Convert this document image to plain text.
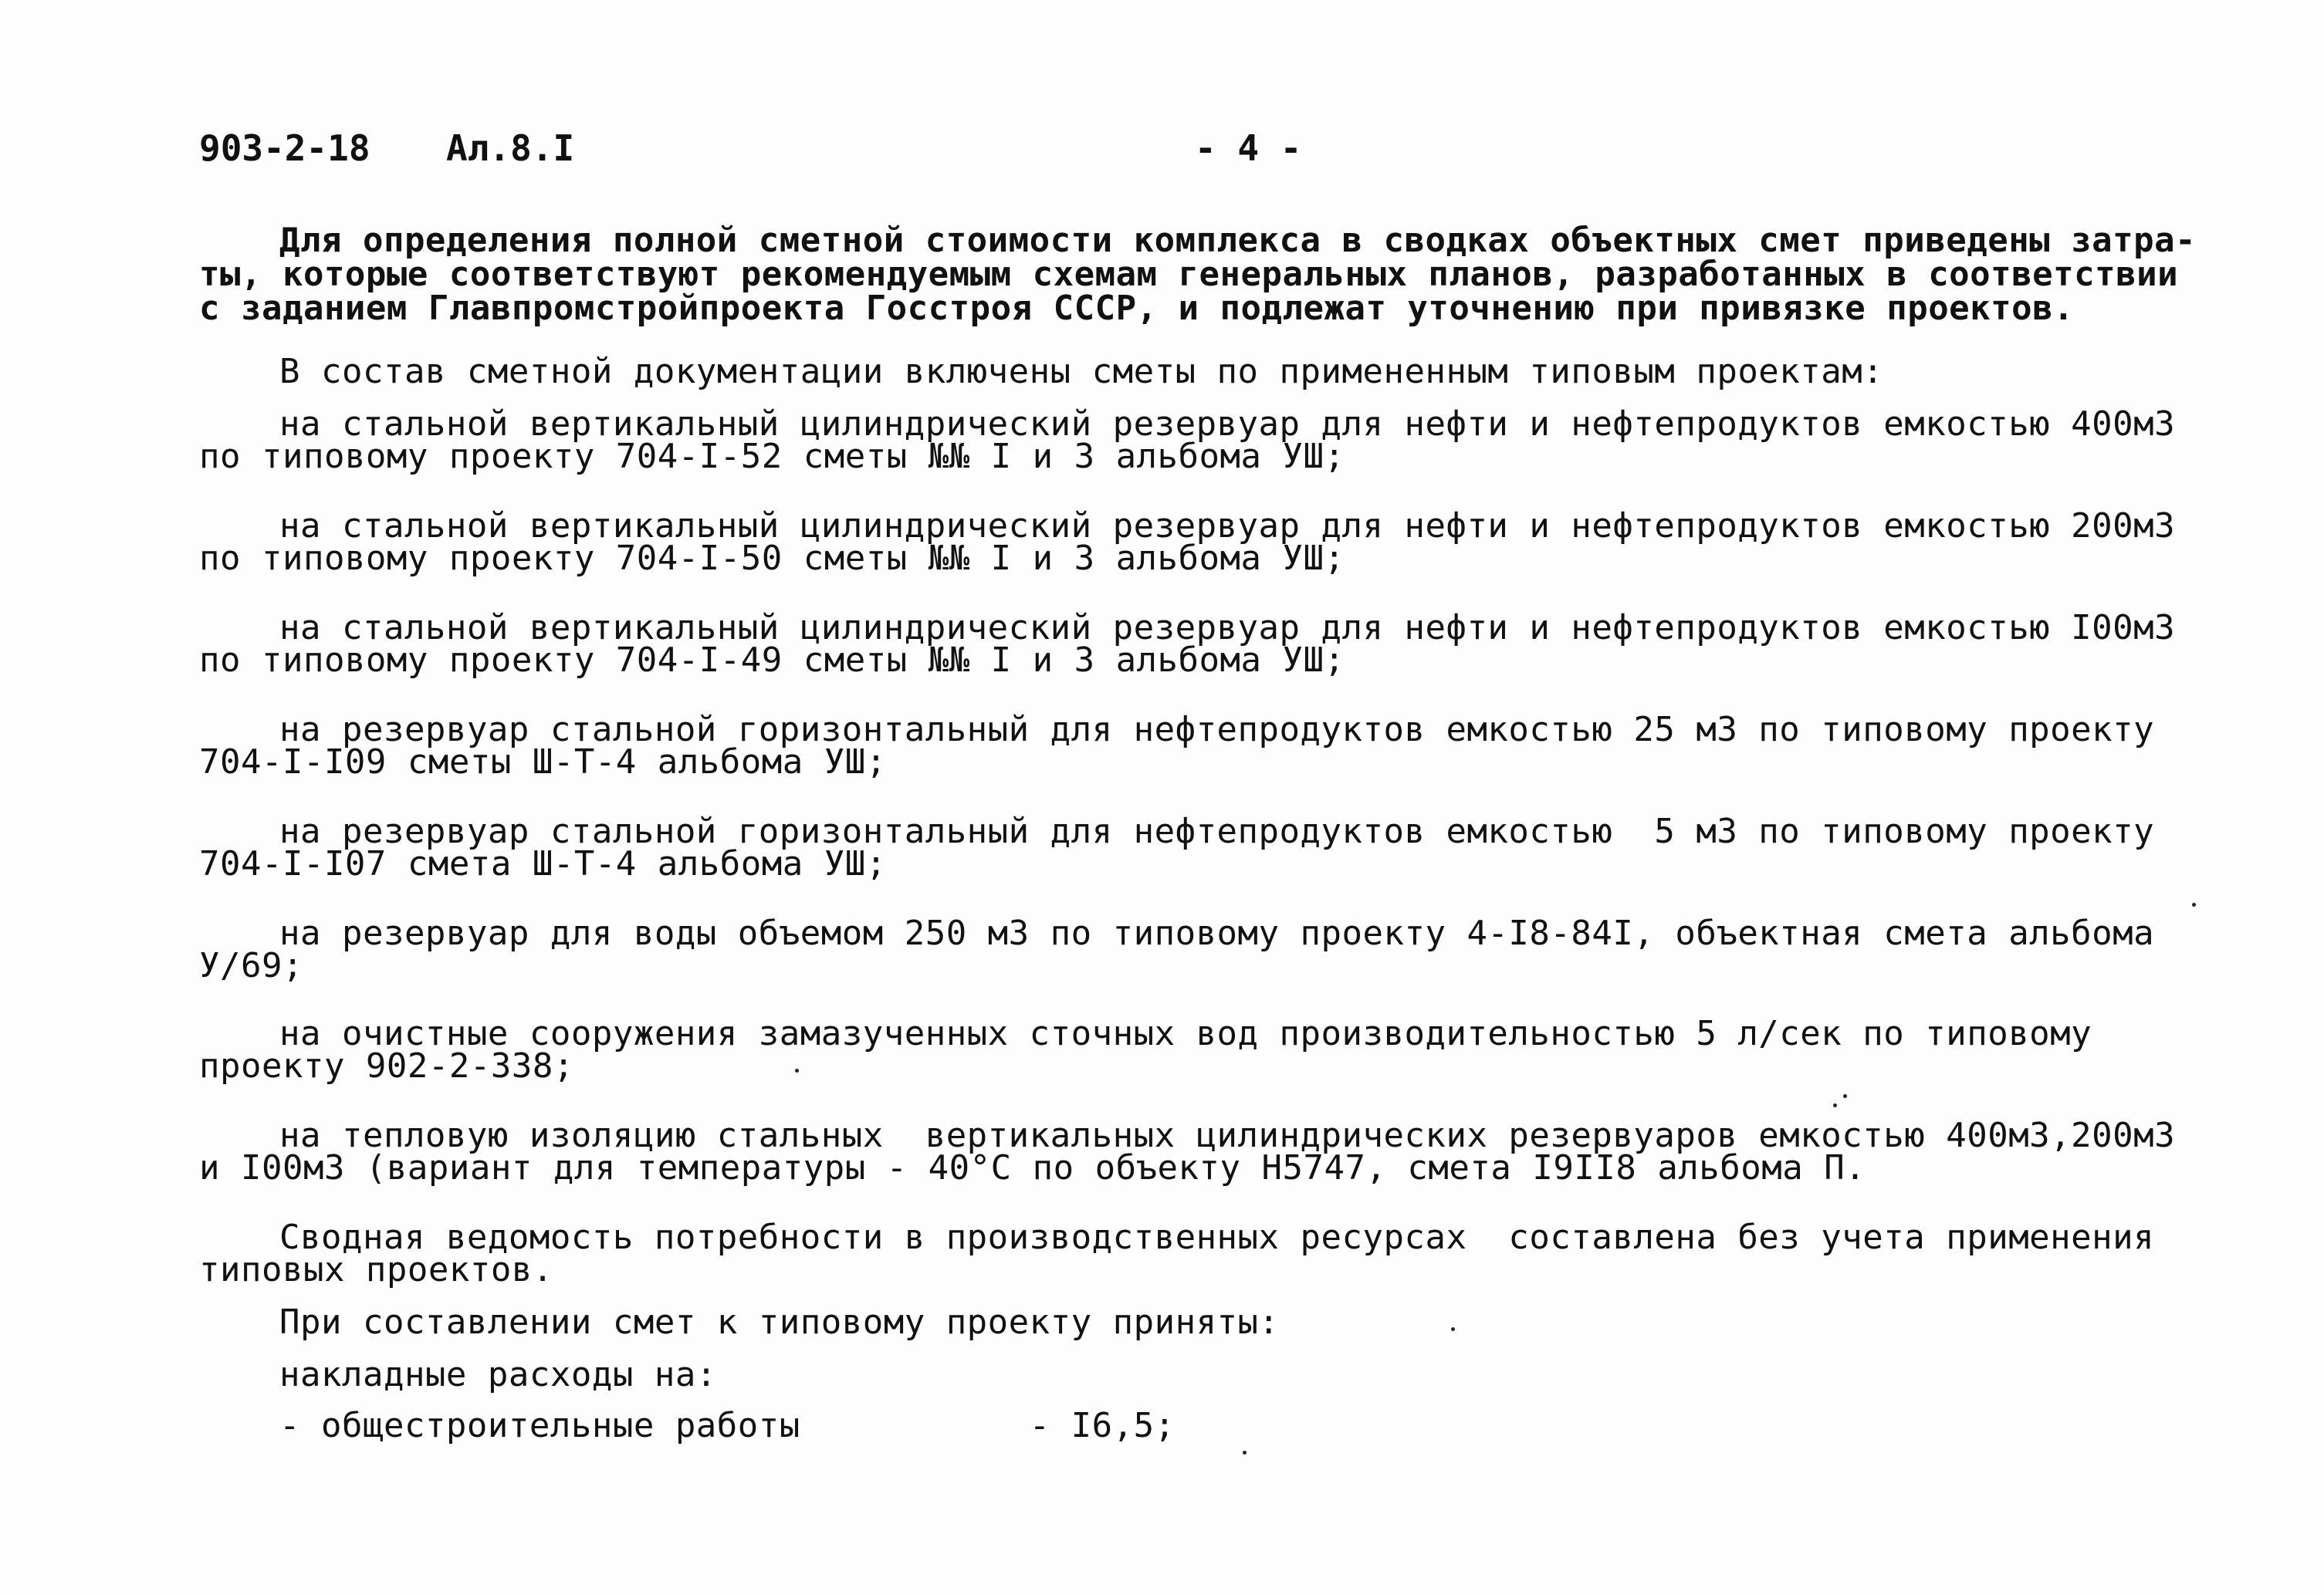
903-2-18 Ал.8.I	- 4 -
Для определения полной сметной стоимости комплекса в сводках объектных смет приведены затра-
ты, которые соответствуют рекомендуемым схемам генеральных планов, разработанных в соответствии
с заданием Главпромстройпроекта Госстроя СССР, и подлежат уточнению при привязке проектов.
В состав сметной документации включены сметы по примененным типовым проектам:
на стальной вертикальный цилиндрический резервуар для нефти и нефтепродуктов емкостью 400м3
по типовому проекту 704-I-52 сметы №№ I и 3 альбома УШ;
на стальной вертикальный цилиндрический резервуар для нефти и нефтепродуктов емкостью 200м3
по типовому проекту 704-I-50 сметы №№ I и 3 альбома УШ;
на стальной вертикальный цилиндрический резервуар для нефти и нефтепродуктов емкостью I00м3
по типовому проекту 704-I-49 сметы №№ I и 3 альбома УШ;
на резервуар стальной горизонтальный для нефтепродуктов емкостью 25 м3 по типовому проекту
704-I-I09 сметы Ш-Т-4 альбома УШ;
на резервуар стальной горизонтальный для нефтепродуктов емкостью  5 м3 по типовому проекту
704-I-I07 смета Ш-Т-4 альбома УШ;
на резервуар для воды объемом 250 м3 по типовому проекту 4-I8-84I, объектная смета альбома
У/69;
на очистные сооружения замазученных сточных вод производительностью 5 л/сек по типовому
проекту 902-2-338;
на тепловую изоляцию стальных  вертикальных цилиндрических резервуаров емкостью 400м3,200м3
и I00м3 (вариант для температуры - 40°С по объекту Н5747, смета I9II8 альбома П.
Сводная ведомость потребности в производственных ресурсах  составлена без учета применения
типовых проектов.
При составлении смет к типовому проекту приняты:
накладные расходы на:
- общестроительные работы           - I6,5;
